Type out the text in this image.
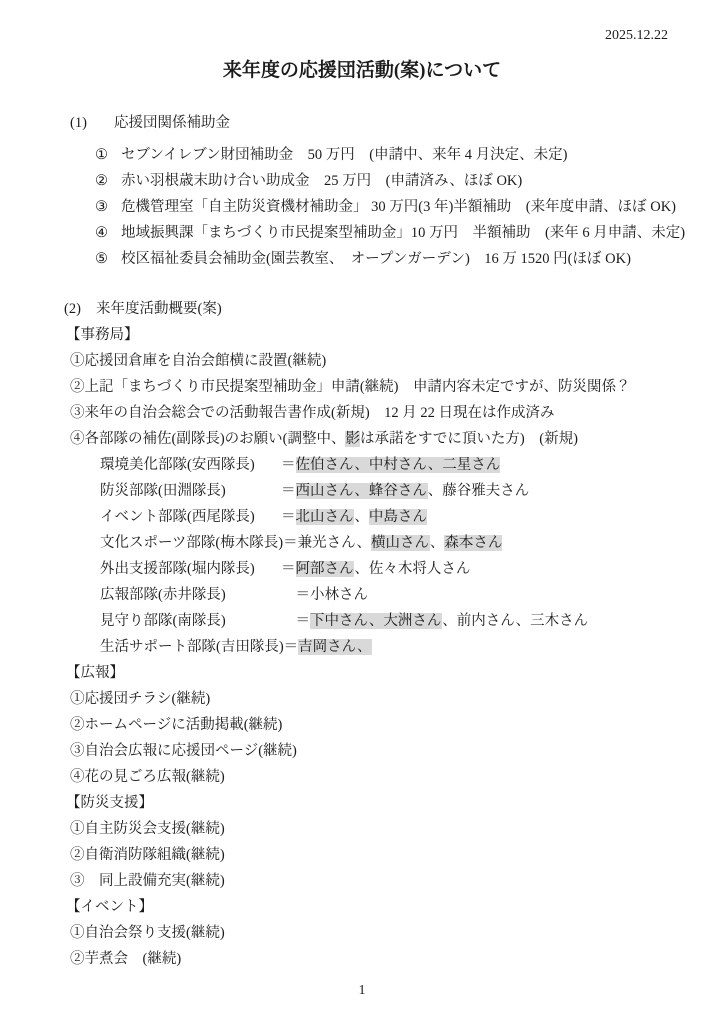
2025.12.22
来年度の応援団活動(案)について
(1) 応援団関係補助金
① セブンイレブン財団補助金　50 万円　(申請中、来年 4 月決定、未定)
② 赤い羽根歳末助け合い助成金　25 万円　(申請済み、ほぼ OK)
③ 危機管理室「自主防災資機材補助金」 30 万円(3 年)半額補助　(来年度申請、ほぼ OK)
④ 地域振興課「まちづくり市民提案型補助金」10 万円　半額補助　(来年 6 月申請、未定)
⑤ 校区福祉委員会補助金(園芸教室、　オープンガーデン)　16 万 1520 円(ほぼ OK)
(2) 来年度活動概要(案)
【事務局】
①応援団倉庫を自治会館横に設置(継続)
②上記「まちづくり市民提案型補助金」申請(継続)　申請内容未定ですが、防災関係？
③来年の自治会総会での活動報告書作成(新規)　12 月 22 日現在は作成済み
④各部隊の補佐(副隊長)のお願い(調整中、影は承諾をすでに頂いた方)　(新規)
環境美化部隊(安西隊長) ＝佐伯さん、中村さん、二星さん
防災部隊(田淵隊長)	＝西山さん、蜂谷さん、藤谷雅夫さん
イベント部隊(西尾隊長) ＝北山さん、中島さん
文化スポーツ部隊(梅木隊長)＝兼光さん、横山さん、森本さん
外出支援部隊(堀内隊長) ＝阿部さん、佐々木将人さん
広報部隊(赤井隊長)	　＝小林さん
見守り部隊(南隊長)	　＝下中さん、大洲さん、前内さん、三木さん
生活サポート部隊(吉田隊長)＝吉岡さん、
【広報】
①応援団チラシ(継続)
②ホームページに活動掲載(継続)
③自治会広報に応援団ページ(継続)
④花の見ごろ広報(継続)
【防災支援】
①自主防災会支援(継続)
②自衛消防隊組織(継続)
③　同上設備充実(継続)
【イベント】
①自治会祭り支援(継続)
②芋煮会　(継続)
1
